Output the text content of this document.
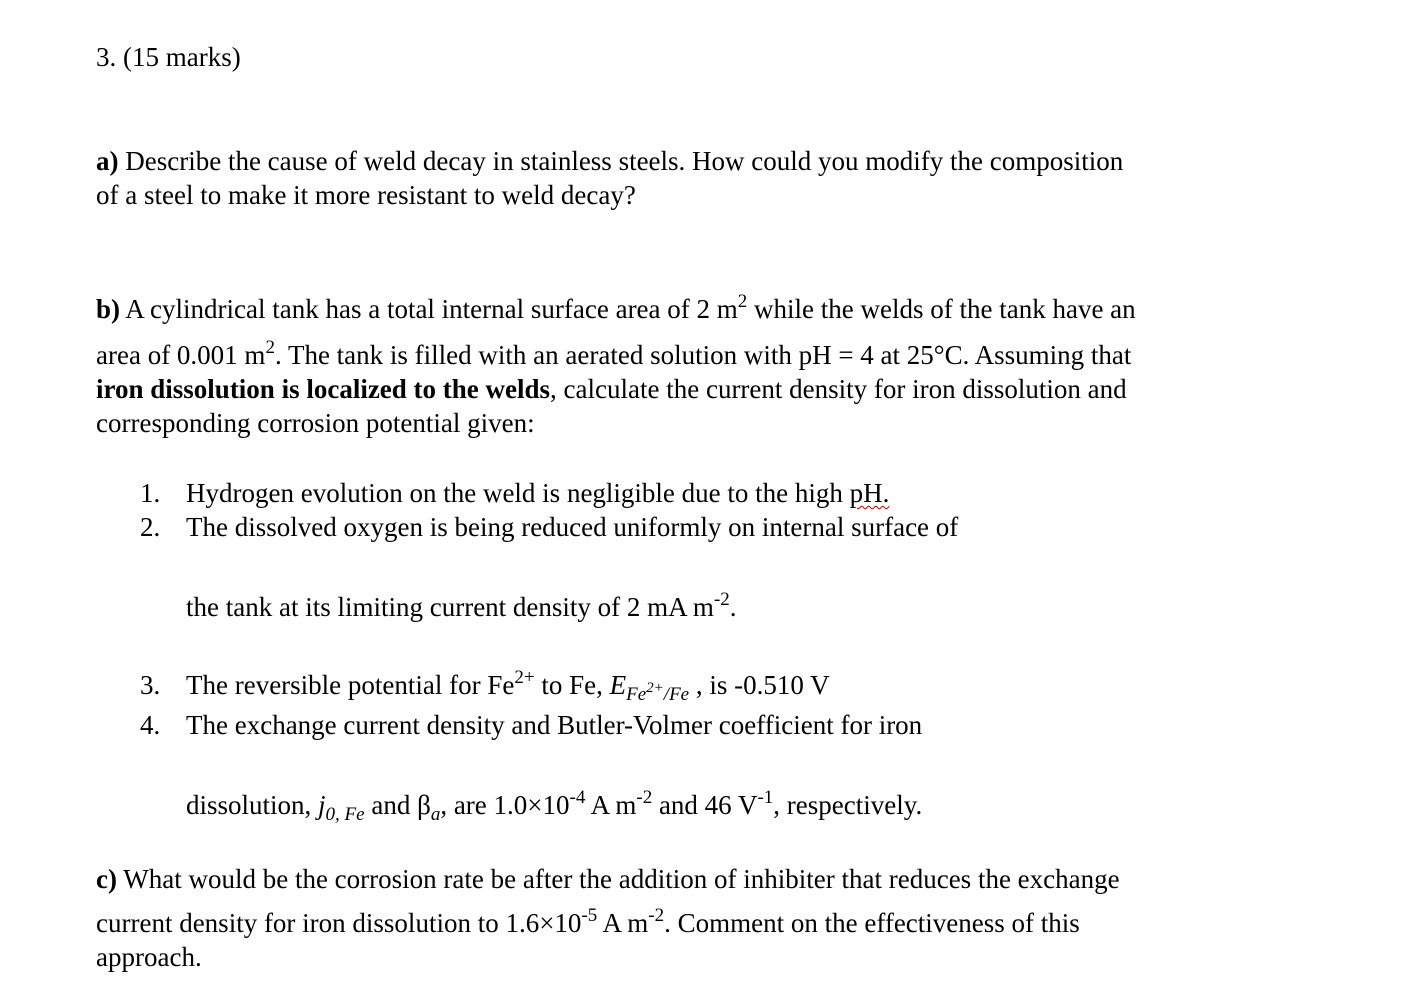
3. (15 marks)
a) Describe the cause of weld decay in stainless steels. How could you modify the composition
of a steel to make it more resistant to weld decay?
b) A cylindrical tank has a total internal surface area of 2 $m^2$ while the welds of the tank have an
area of 0.001 $m^2$. The tank is filled with an aerated solution with pH = 4 at 25°C. Assuming that
iron dissolution is localized to the welds, calculate the current density for iron dissolution and
corresponding corrosion potential given:
1. Hydrogen evolution on the weld is negligible due to the high pH.
2. The dissolved oxygen is being reduced uniformly on internal surface of
the tank at its limiting current density of 2 mA $m^{-2}$.
3. The reversible potential for $Fe^{2+}$ to Fe, $E_{Fe^{2+}/Fe}$ , is -0.510 V
4. The exchange current density and Butler-Volmer coefficient for iron
dissolution, $j_{0, Fe}$ and $\beta_a$, are $1.0\times 10^{-4}$ A $m^{-2}$ and 46 $V^{-1}$, respectively.
c) What would be the corrosion rate be after the addition of inhibiter that reduces the exchange
current density for iron dissolution to $1.6\times 10^{-5}$ A $m^{-2}$. Comment on the effectiveness of this
approach.
